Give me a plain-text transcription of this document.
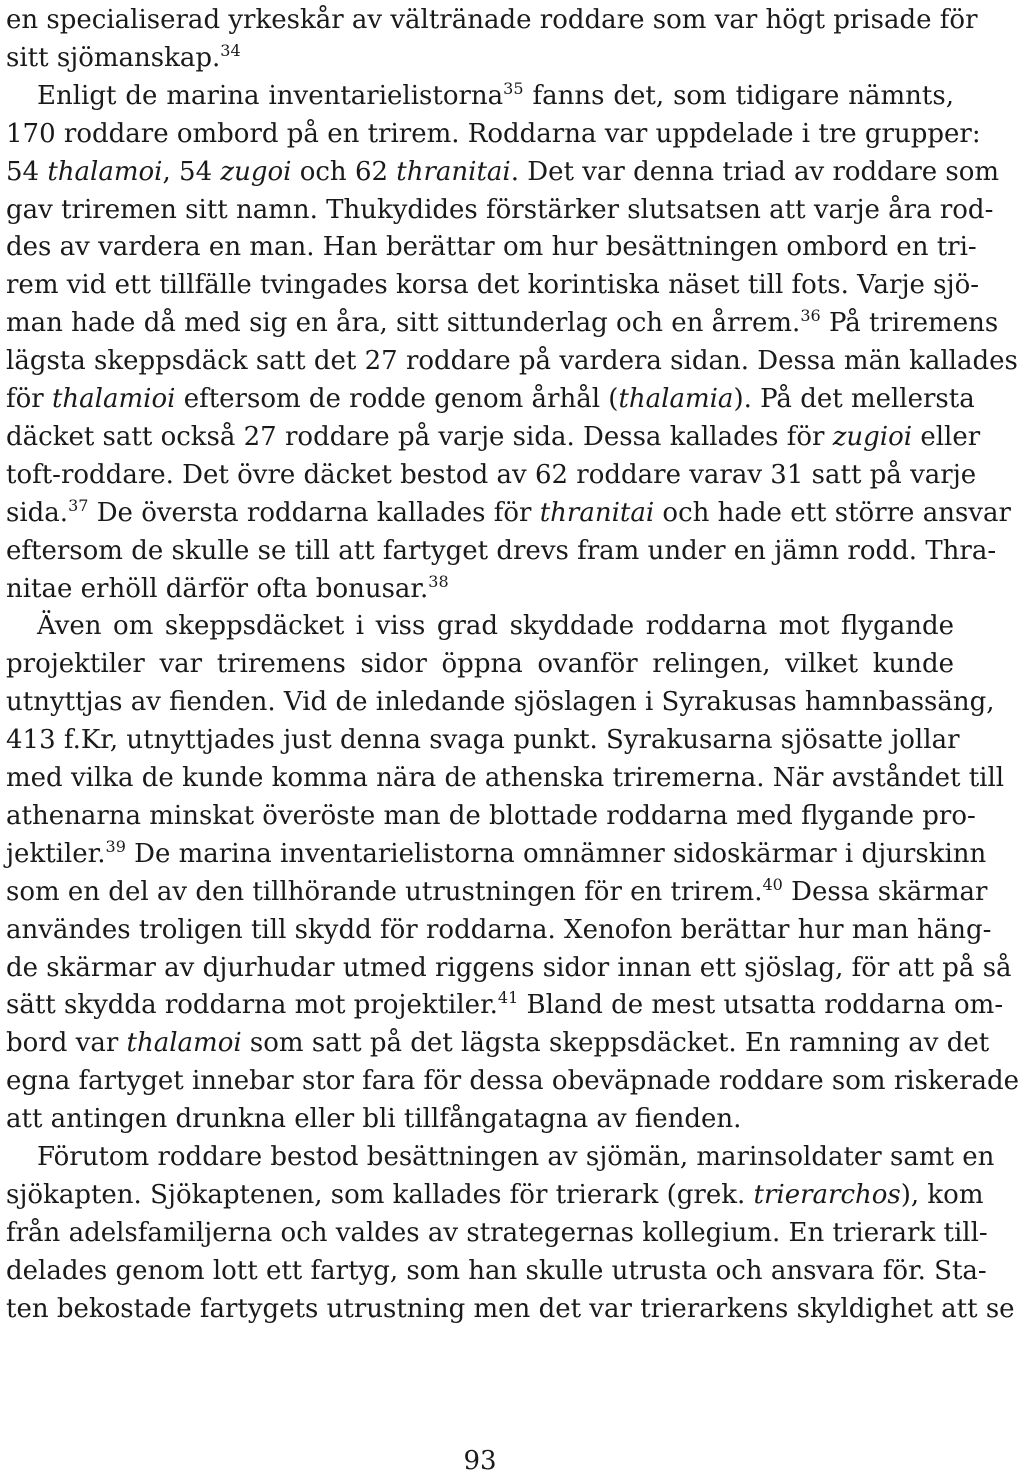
en specialiserad yrkeskår av vältränade roddare som var högt prisade för
sitt sjömanskap.$^{34}$
Enligt de marina inventarielistorna$^{35}$ fanns det, som tidigare nämnts,
170 roddare ombord på en trirem. Roddarna var uppdelade i tre grupper:
54 thalamoi, 54 zugoi och 62 thranitai. Det var denna triad av roddare som
gav triremen sitt namn. Thukydides förstärker slutsatsen att varje åra rod-
des av vardera en man. Han berättar om hur besättningen ombord en tri-
rem vid ett tillfälle tvingades korsa det korintiska näset till fots. Varje sjö-
man hade då med sig en åra, sitt sittunderlag och en årrem.$^{36}$ På triremens
lägsta skeppsdäck satt det 27 roddare på vardera sidan. Dessa män kallades
för thalamioi eftersom de rodde genom århål (thalamia). På det mellersta
däcket satt också 27 roddare på varje sida. Dessa kallades för zugioi eller
toft-roddare. Det övre däcket bestod av 62 roddare varav 31 satt på varje
sida.$^{37}$ De översta roddarna kallades för thranitai och hade ett större ansvar
eftersom de skulle se till att fartyget drevs fram under en jämn rodd. Thra-
nitae erhöll därför ofta bonusar.$^{38}$
Även om skeppsdäcket i viss grad skyddade roddarna mot flygande
projektiler var triremens sidor öppna ovanför relingen, vilket kunde
utnyttjas av fienden. Vid de inledande sjöslagen i Syrakusas hamnbassäng,
413 f.Kr, utnyttjades just denna svaga punkt. Syrakusarna sjösatte jollar
med vilka de kunde komma nära de athenska triremerna. När avståndet till
athenarna minskat överöste man de blottade roddarna med flygande pro-
jektiler.$^{39}$ De marina inventarielistorna omnämner sidoskärmar i djurskinn
som en del av den tillhörande utrustningen för en trirem.$^{40}$ Dessa skärmar
användes troligen till skydd för roddarna. Xenofon berättar hur man häng-
de skärmar av djurhudar utmed riggens sidor innan ett sjöslag, för att på så
sätt skydda roddarna mot projektiler.$^{41}$ Bland de mest utsatta roddarna om-
bord var thalamoi som satt på det lägsta skeppsdäcket. En ramning av det
egna fartyget innebar stor fara för dessa obeväpnade roddare som riskerade
att antingen drunkna eller bli tillfångatagna av fienden.
Förutom roddare bestod besättningen av sjömän, marinsoldater samt en
sjökapten. Sjökaptenen, som kallades för trierark (grek. trierarchos), kom
från adelsfamiljerna och valdes av strategernas kollegium. En trierark till-
delades genom lott ett fartyg, som han skulle utrusta och ansvara för. Sta-
ten bekostade fartygets utrustning men det var trierarkens skyldighet att se
93
